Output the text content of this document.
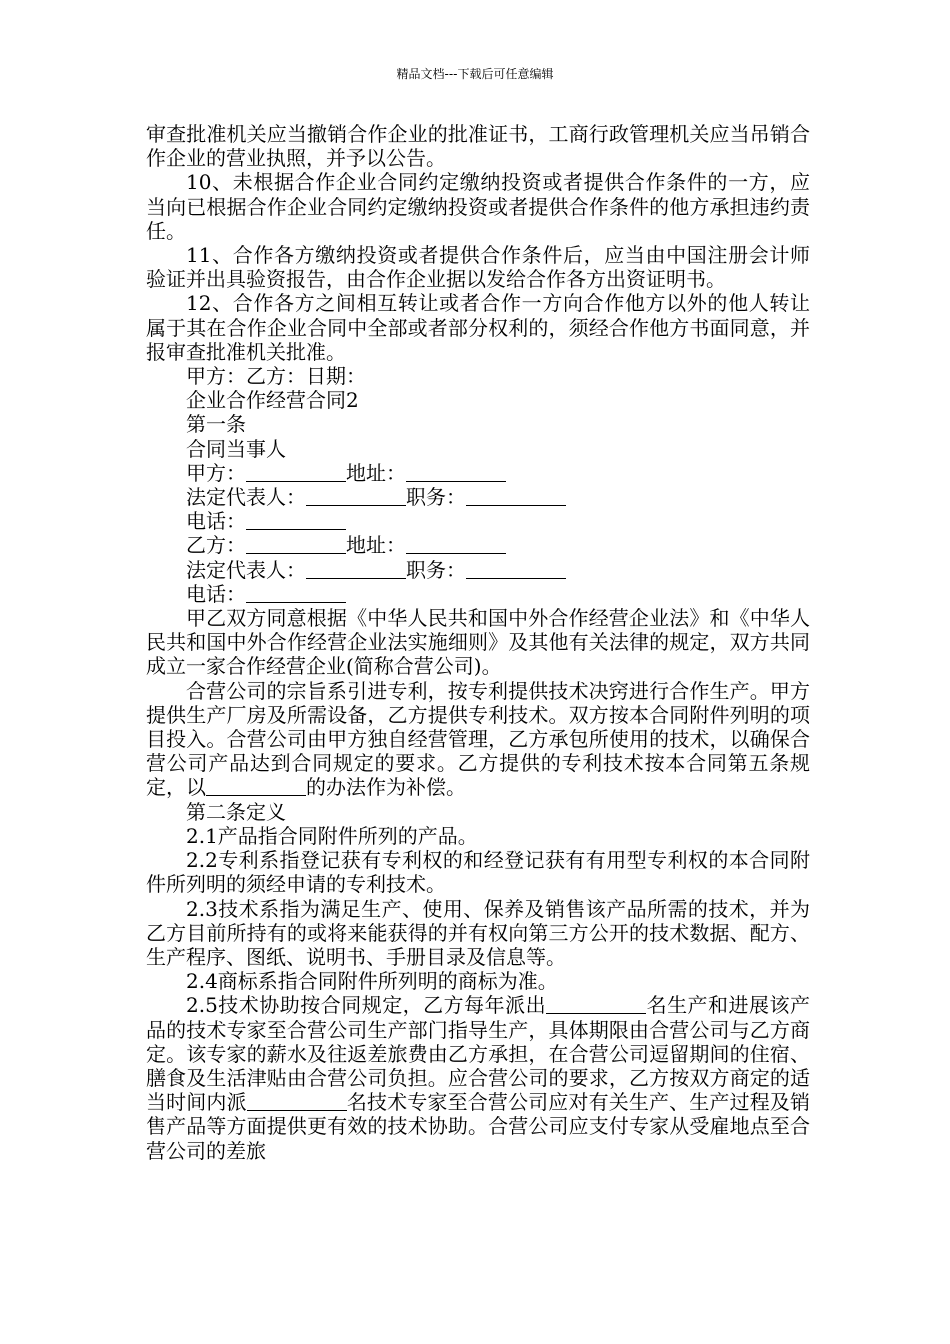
精品文档---下载后可任意编辑

审查批准机关应当撤销合作企业的批准证书，工商行政管理机关应当吊销合作企业的营业执照，并予以公告。

10、未根据合作企业合同约定缴纳投资或者提供合作条件的一方，应当向已根据合作企业合同约定缴纳投资或者提供合作条件的他方承担违约责任。

11、合作各方缴纳投资或者提供合作条件后，应当由中国注册会计师验证并出具验资报告，由合作企业据以发给合作各方出资证明书。

12、合作各方之间相互转让或者合作一方向合作他方以外的他人转让属于其在合作企业合同中全部或者部分权利的，须经合作他方书面同意，并报审查批准机关批准。

甲方：乙方：日期：

企业合作经营合同2

第一条

合同当事人

甲方：	地址：

法定代表人：	职务：

电话：

乙方：	地址：

法定代表人：	职务：

电话：

甲乙双方同意根据《中华人民共和国中外合作经营企业法》和《中华人民共和国中外合作经营企业法实施细则》及其他有关法律的规定，双方共同成立一家合作经营企业(简称合营公司)。

合营公司的宗旨系引进专利，按专利提供技术决窍进行合作生产。甲方提供生产厂房及所需设备，乙方提供专利技术。双方按本合同附件列明的项目投入。合营公司由甲方独自经营管理，乙方承包所使用的技术，以确保合营公司产品达到合同规定的要求。乙方提供的专利技术按本合同第五条规定，以	的办法作为补偿。

第二条定义

2.1产品指合同附件所列的产品。

2.2专利系指登记获有专利权的和经登记获有有用型专利权的本合同附件所列明的须经申请的专利技术。

2.3技术系指为满足生产、使用、保养及销售该产品所需的技术，并为乙方目前所持有的或将来能获得的并有权向第三方公开的技术数据、配方、生产程序、图纸、说明书、手册目录及信息等。

2.4商标系指合同附件所列明的商标为准。

2.5技术协助按合同规定，乙方每年派出	名生产和进展该产品的技术专家至合营公司生产部门指导生产，具体期限由合营公司与乙方商定。该专家的薪水及往返差旅费由乙方承担，在合营公司逗留期间的住宿、膳食及生活津贴由合营公司负担。应合营公司的要求，乙方按双方商定的适当时间内派	名技术专家至合营公司应对有关生产、生产过程及销售产品等方面提供更有效的技术协助。合营公司应支付专家从受雇地点至合营公司的差旅
